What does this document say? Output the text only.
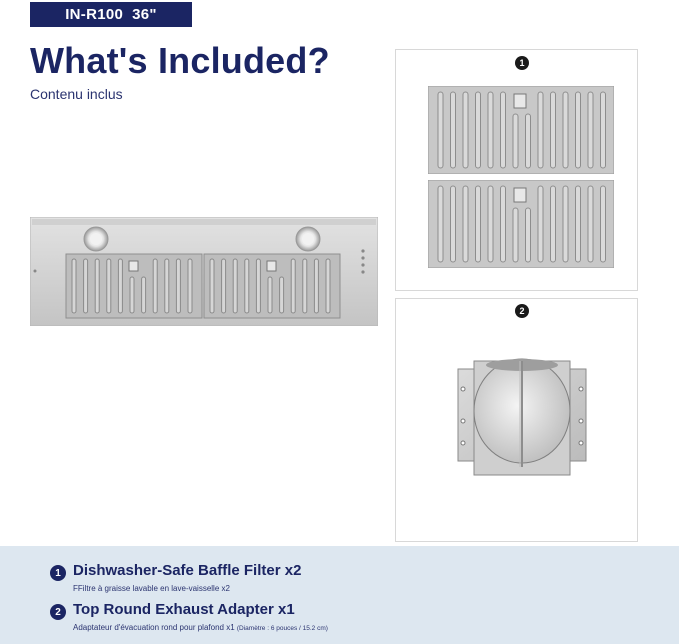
IN-R100  36"
What's Included?
Contenu inclus
1
2
1 Dishwasher-Safe Baffle Filter x2
FFiltre à graisse lavable en lave-vaisselle x2
2 Top Round Exhaust Adapter x1
Adaptateur d'évacuation rond pour plafond x1 (Diamètre : 6 pouces / 15.2 cm)
